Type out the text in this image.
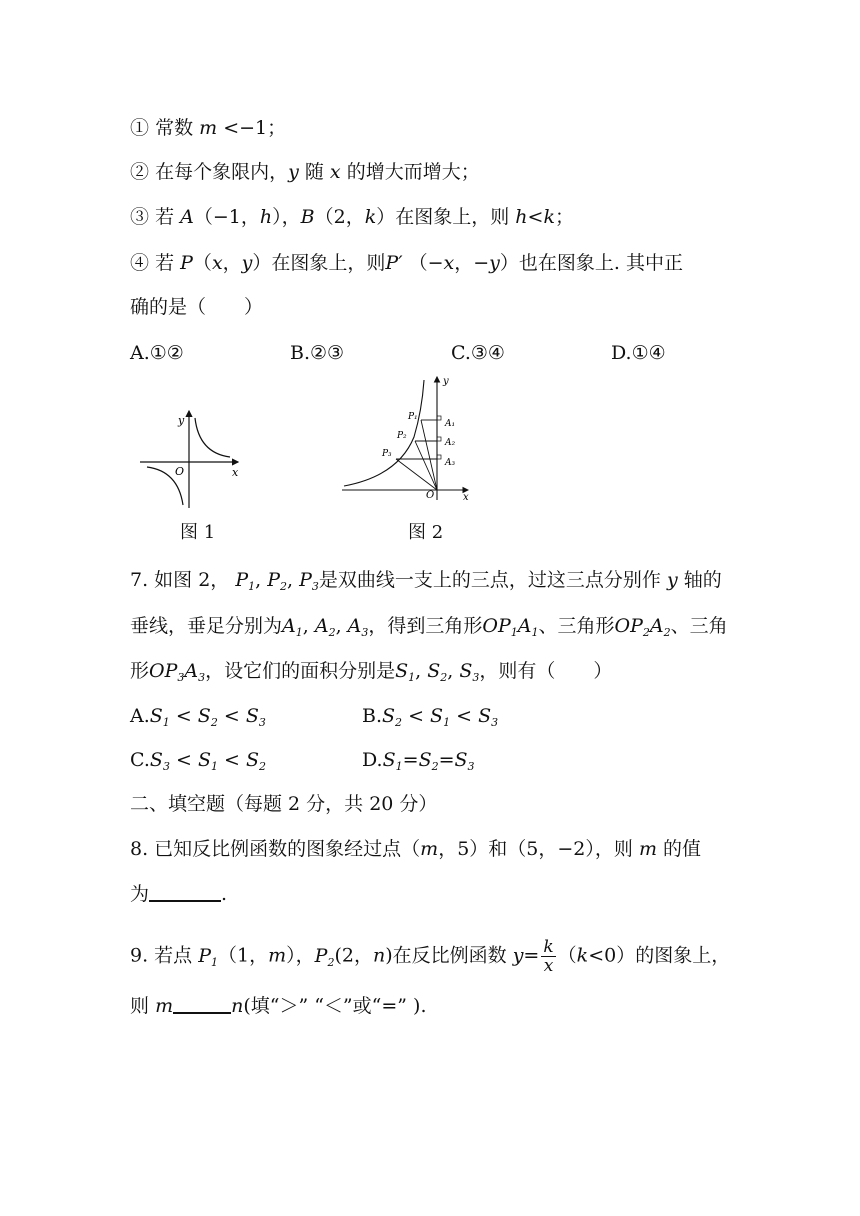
① 常数 m <−1；
② 在每个象限内，y 随 x 的增大而增大；
③ 若 A（−1，h），B（2，k）在图象上，则 h<k；
④ 若 P（x，y）在图象上，则P′ （−x，−y）也在图象上. 其中正
确的是（　　）
A.①②	B.②③	C.③④	D.①④
y
x
O
图 1
P₁
P₂
P₃
A₁
A₂
A₃
y
x
O
图 2
7. 如图 2， $P_1$, $P_2$, $P_3$是双曲线一支上的三点，过这三点分别作 y 轴的
垂线，垂足分别为$A_1$, $A_2$, $A_3$，得到三角形$OP_1A_1$、三角形$OP_2A_2$、三角
形$OP_3A_3$，设它们的面积分别是$S_1$, $S_2$, $S_3$，则有（　　）
$A.S_1 < S_2 < S_3$	$B.S_2 < S_1 < S_3$
$C.S_3 < S_1 < S_2$	$D.S_1=S_2=S_3$
二、填空题（每题 2 分，共 20 分）
8. 已知反比例函数的图象经过点（m，5）和（5，−2），则 m 的值
为	.
9. 若点 $P_1(1$，m），$P_2(2$，n)在反比例函数 $y= \frac{k}{x} (k<0)$的图象上，
则 m	n(填“＞” “＜”或“=” ).
